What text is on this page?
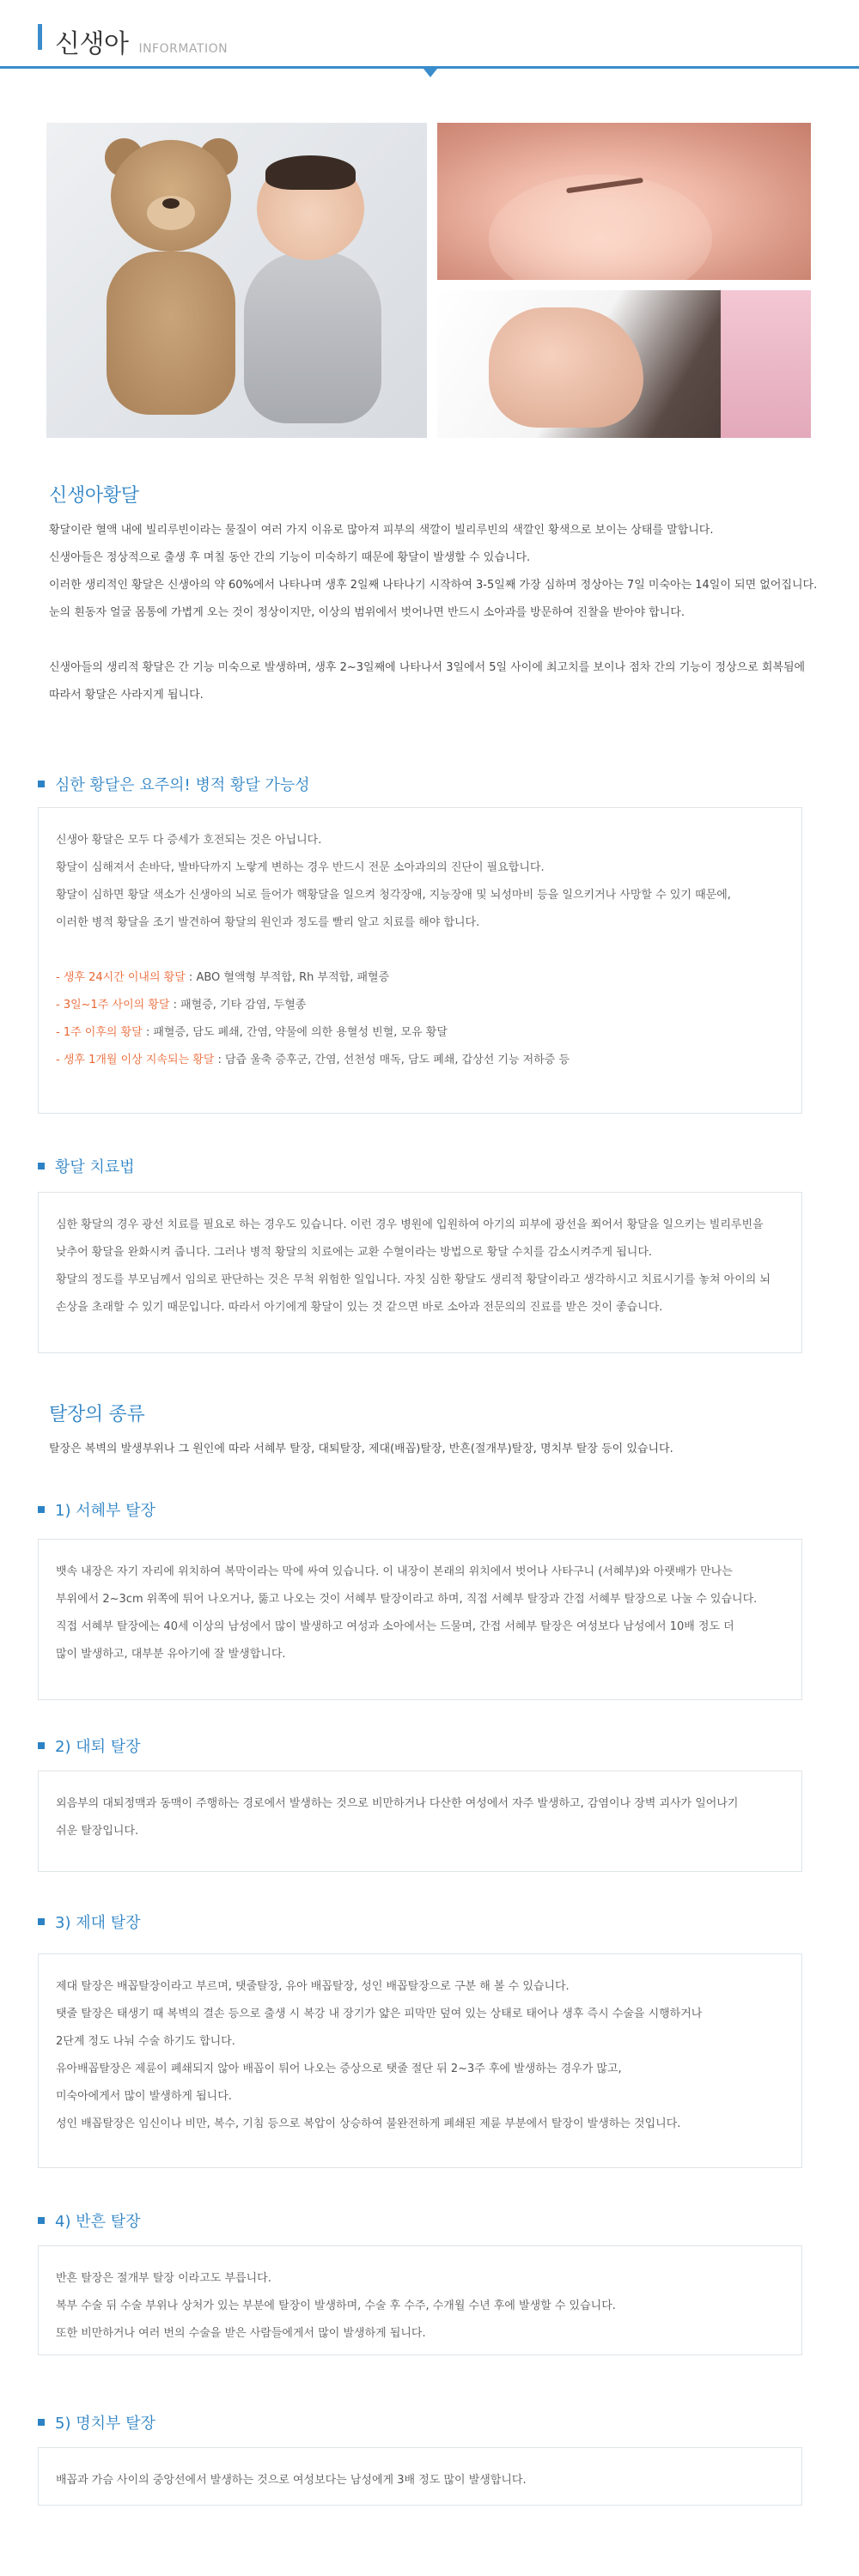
신생아 INFORMATION
신생아황달
황달이란 혈액 내에 빌리루빈이라는 물질이 여러 가지 이유로 많아져 피부의 색깔이 빌리루빈의 색깔인 황색으로 보이는 상태를 말합니다.
신생아들은 정상적으로 출생 후 며칠 동안 간의 기능이 미숙하기 때문에 황달이 발생할 수 있습니다.
이러한 생리적인 황달은 신생아의 약 60%에서 나타나며 생후 2일째 나타나기 시작하여 3-5일째 가장 심하며 정상아는 7일 미숙아는 14일이 되면 없어집니다.
눈의 흰동자 얼굴 몸통에 가볍게 오는 것이 정상이지만, 이상의 범위에서 벗어나면 반드시 소아과를 방문하여 진찰을 받아야 합니다.
신생아들의 생리적 황달은 간 기능 미숙으로 발생하며, 생후 2~3일째에 나타나서 3일에서 5일 사이에 최고치를 보이나 점차 간의 기능이 정상으로 회복됨에
따라서 황달은 사라지게 됩니다.
심한 황달은 요주의! 병적 황달 가능성
신생아 황달은 모두 다 증세가 호전되는 것은 아닙니다.
황달이 심해져서 손바닥, 발바닥까지 노랗게 변하는 경우 반드시 전문 소아과의의 진단이 필요합니다.
황달이 심하면 황달 색소가 신생아의 뇌로 들어가 핵황달을 일으켜 청각장애, 지능장애 및 뇌성마비 등을 일으키거나 사망할 수 있기 때문에,
이러한 병적 황달을 조기 발견하여 황달의 원인과 정도를 빨리 알고 치료를 해야 합니다.
- 생후 24시간 이내의 황달 : ABO 혈액형 부적합, Rh 부적합, 패혈증
- 3일~1주 사이의 황달 : 패혈증, 기타 감염, 두혈종
- 1주 이후의 황달 : 패혈증, 담도 폐쇄, 간염, 약물에 의한 용혈성 빈혈, 모유 황달
- 생후 1개월 이상 지속되는 황달 : 담즙 울축 증후군, 간염, 선천성 매독, 담도 폐쇄, 갑상선 기능 저하증 등
황달 치료법
심한 황달의 경우 광선 치료를 필요로 하는 경우도 있습니다. 이런 경우 병원에 입원하여 아기의 피부에 광선을 쬐어서 황달을 일으키는 빌리루빈을
낮추어 황달을 완화시켜 줍니다. 그러나 병적 황달의 치료에는 교환 수혈이라는 방법으로 황달 수치를 감소시켜주게 됩니다.
황달의 정도를 부모님께서 임의로 판단하는 것은 무척 위험한 일입니다. 자칫 심한 황달도 생리적 황달이라고 생각하시고 치료시기를 놓쳐 아이의 뇌
손상을 초래할 수 있기 때문입니다. 따라서 아기에게 황달이 있는 것 같으면 바로 소아과 전문의의 진료를 받은 것이 좋습니다.
탈장의 종류
탈장은 복벽의 발생부위나 그 원인에 따라 서혜부 탈장, 대퇴탈장, 제대(배꼽)탈장, 반흔(절개부)탈장, 명치부 탈장 등이 있습니다.
1) 서혜부 탈장
뱃속 내장은 자기 자리에 위치하여 복막이라는 막에 싸여 있습니다. 이 내장이 본래의 위치에서 벗어나 사타구니 (서혜부)와 아랫배가 만나는
부위에서 2~3cm 위쪽에 튀어 나오거나, 뚫고 나오는 것이 서혜부 탈장이라고 하며, 직접 서혜부 탈장과 간접 서혜부 탈장으로 나눌 수 있습니다.
직접 서혜부 탈장에는 40세 이상의 남성에서 많이 발생하고 여성과 소아에서는 드물며, 간접 서혜부 탈장은 여성보다 남성에서 10배 정도 더
많이 발생하고, 대부분 유아기에 잘 발생합니다.
2) 대퇴 탈장
외음부의 대퇴정맥과 동맥이 주행하는 경로에서 발생하는 것으로 비만하거나 다산한 여성에서 자주 발생하고, 감염이나 장벽 괴사가 일어나기
쉬운 탈장입니다.
3) 제대 탈장
제대 탈장은 배꼽탈장이라고 부르며, 탯줄탈장, 유아 배꼽탈장, 성인 배꼽탈장으로 구분 해 볼 수 있습니다.
탯줄 탈장은 태생기 때 복벽의 결손 등으로 출생 시 복강 내 장기가 얇은 피막만 덮여 있는 상태로 태어나 생후 즉시 수술을 시행하거나
2단계 정도 나눠 수술 하기도 합니다.
유아배꼽탈장은 제륜이 폐쇄되지 않아 배꼽이 튀어 나오는 증상으로 탯줄 절단 뒤 2~3주 후에 발생하는 경우가 많고,
미숙아에게서 많이 발생하게 됩니다.
성인 배꼽탈장은 임신이나 비만, 복수, 기침 등으로 복압이 상승하여 불완전하게 폐쇄된 제륜 부분에서 탈장이 발생하는 것입니다.
4) 반흔 탈장
반흔 탈장은 절개부 탈장 이라고도 부릅니다.
복부 수술 뒤 수술 부위나 상처가 있는 부분에 탈장이 발생하며, 수술 후 수주, 수개월 수년 후에 발생할 수 있습니다.
또한 비만하거나 여러 번의 수술을 받은 사람들에게서 많이 발생하게 됩니다.
5) 명치부 탈장
배꼽과 가슴 사이의 중앙선에서 발생하는 것으로 여성보다는 남성에게 3배 정도 많이 발생합니다.
